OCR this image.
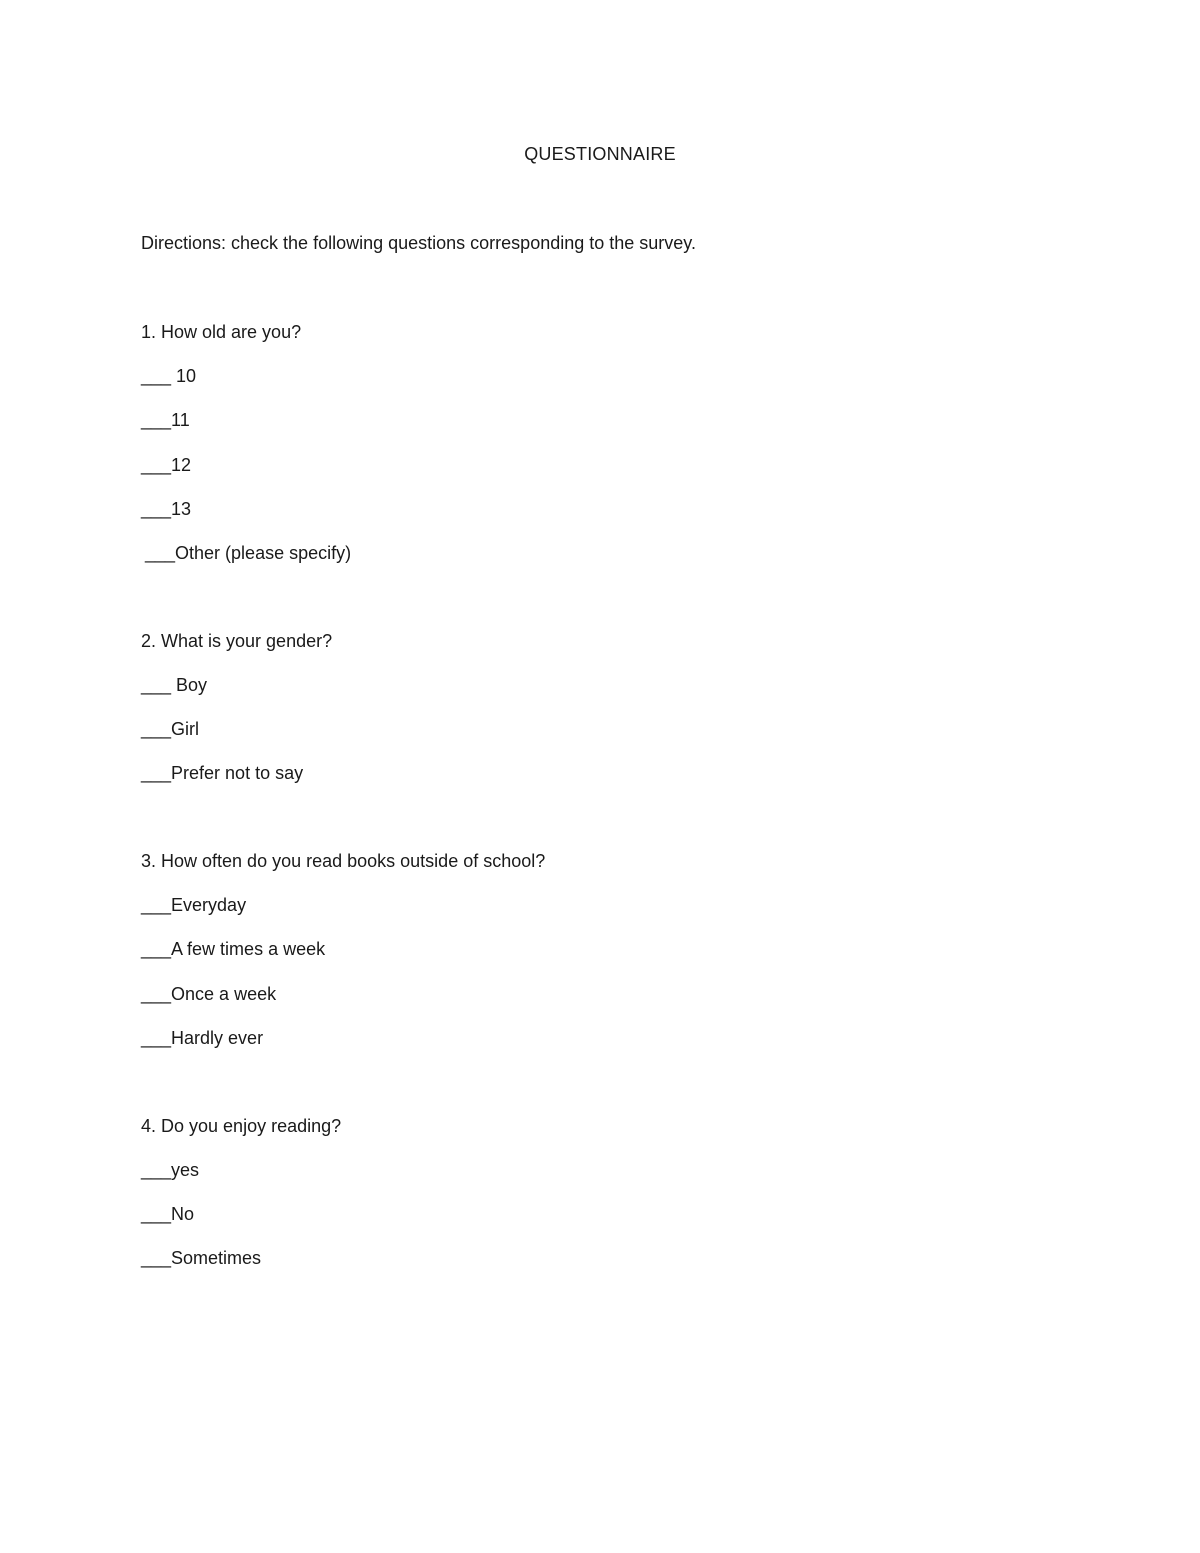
QUESTIONNAIRE
Directions: check the following questions corresponding to the survey.
1. How old are you?
___ 10
___11
___12
___13
___Other (please specify)
2. What is your gender?
___ Boy
___Girl
___Prefer not to say
3. How often do you read books outside of school?
___Everyday
___A few times a week
___Once a week
___Hardly ever
4. Do you enjoy reading?
___yes
___No
___Sometimes
